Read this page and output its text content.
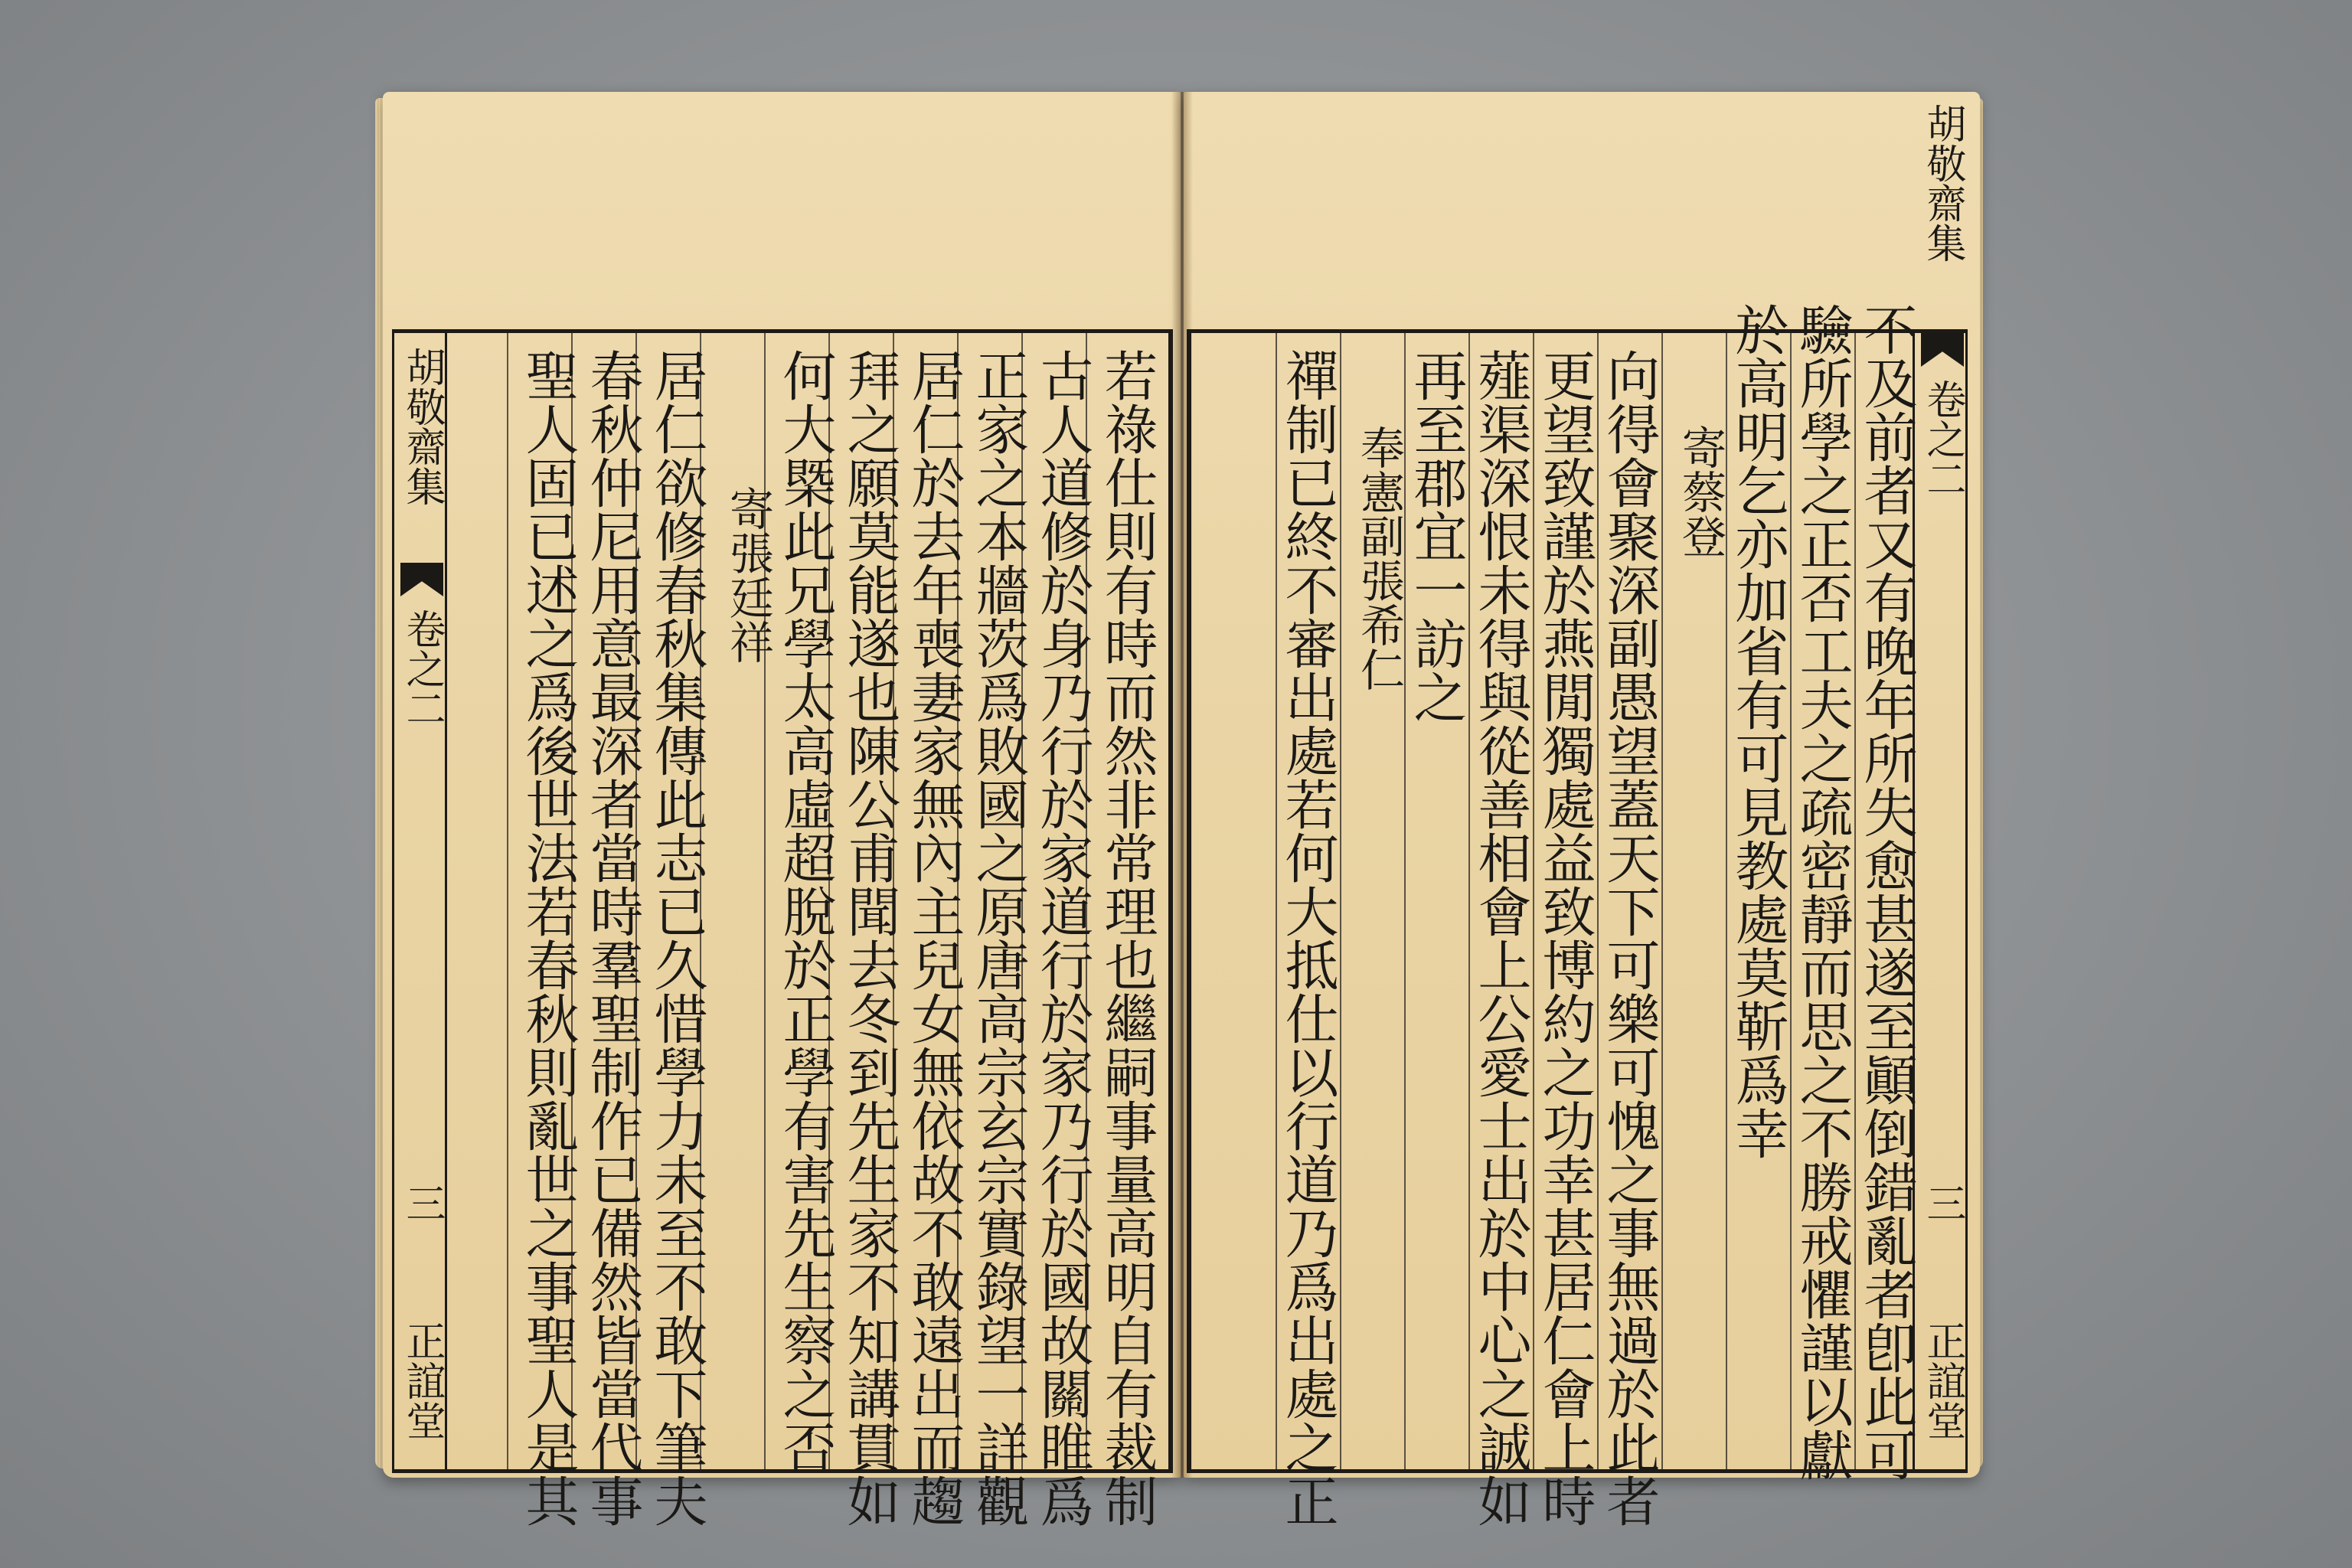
胡敬齋集
卷之二
三
正誼堂	若祿仕則有時而然非常理也繼嗣事量高明自有裁制
古人道修於身乃行於家道行於家乃行於國故關睢爲
正家之本牆茨爲敗國之原唐高宗玄宗實錄望一詳觀
居仁於去年喪妻家無內主兒女無依故不敢遠出而趨
拜之願莫能遂也陳公甫聞去冬到先生家不知講貫如
何大槩此兄學太高虛超脫於正學有害先生察之否
寄張廷祥
居仁欲修春秋集傳此志已久惜學力未至不敢下筆夫
春秋仲尼用意最深者當時羣聖制作已備然皆當代事
聖人固已述之爲後世法若春秋則亂世之事聖人是其
胡敬齋集
卷之二
三
正誼堂
不及前者又有晚年所失愈甚遂至顚倒錯亂者卽此可
驗所學之正否工夫之疏密靜而思之不勝戒懼謹以獻
於高明乞亦加省有可見教處莫靳爲幸
寄蔡登
向得會聚深副愚望蓋天下可樂可愧之事無過於此者
更望致謹於燕閒獨處益致博約之功幸甚居仁會上時
薤渠深恨未得與從善相會上公愛士出於中心之誠如
再至郡宜一訪之
奉憲副張希仁
禪制已終不審出處若何大抵仕以行道乃爲出處之正
